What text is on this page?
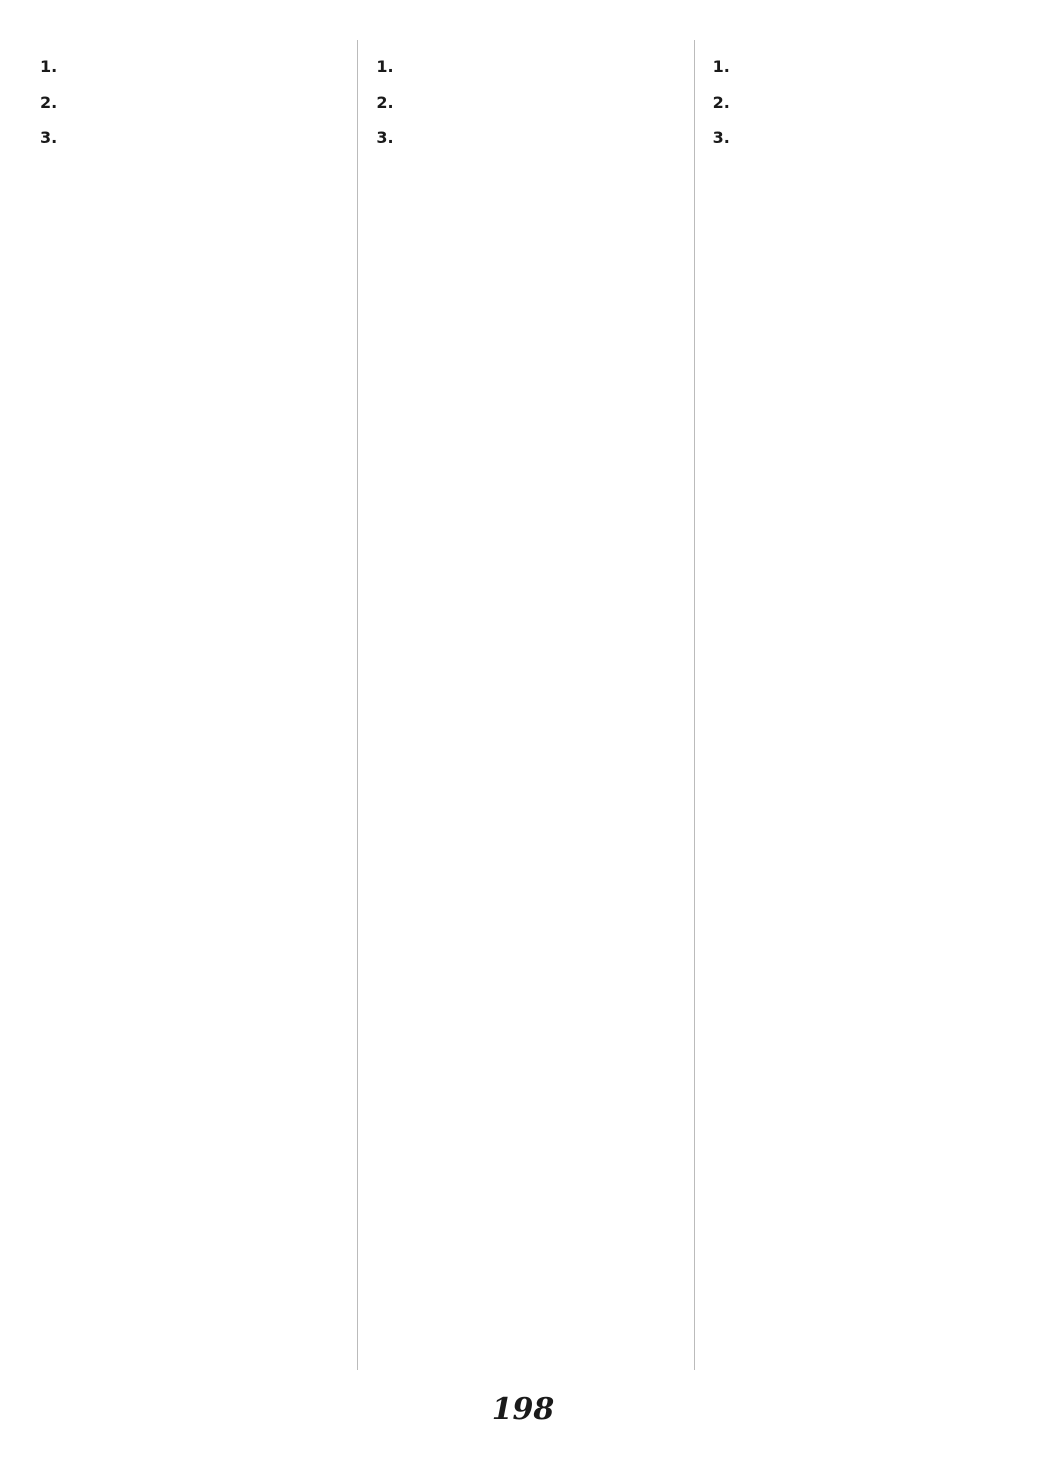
1.

2.

3.

1.

2.

3.

1.

2.

3.

198
